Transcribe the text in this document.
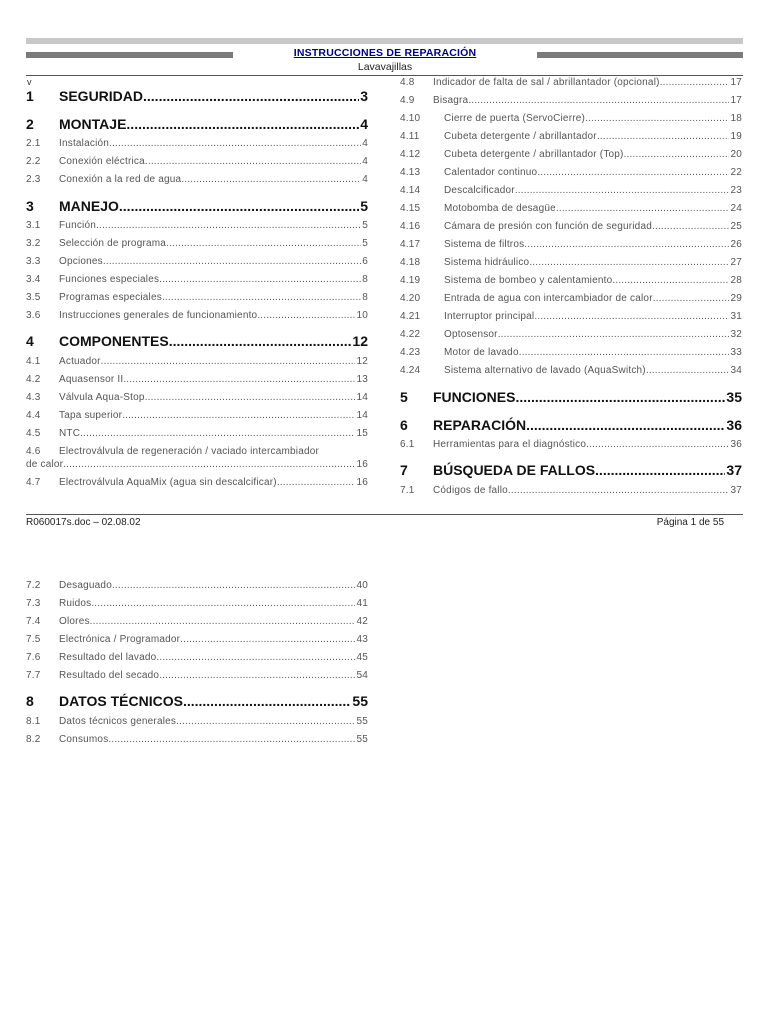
INSTRUCCIONES DE REPARACIÓN
Lavavajillas
v
1	SEGURIDAD .....	3
2	MONTAJE .....	4
2.1	Instalación .....	4
2.2	Conexión eléctrica .....	4
2.3	Conexión a la red de agua .....	4
3	MANEJO .....	5
3.1	Función .....	5
3.2	Selección de programa .....	5
3.3	Opciones .....	6
3.4	Funciones especiales .....	8
3.5	Programas especiales .....	8
3.6	Instrucciones generales de funcionamiento .....	10
4	COMPONENTES .....	12
4.1	Actuador .....	12
4.2	Aquasensor II .....	13
4.3	Válvula Aqua-Stop .....	14
4.4	Tapa superior .....	14
4.5	NTC .....	15
4.6 Electroválvula de regeneración / vaciado intercambiador
de calor .....	16
4.7	Electroválvula AquaMix (agua sin descalcificar) .....	16
4.8	Indicador de falta de sal / abrillantador (opcional) .....	17
4.9	Bisagra .....	17
4.10	Cierre de puerta (ServoCierre) .....	18
4.11	Cubeta detergente / abrillantador .....	19
4.12	Cubeta detergente / abrillantador (Top) .....	20
4.13	Calentador continuo .....	22
4.14	Descalcificador .....	23
4.15	Motobomba de desagüe .....	24
4.16	Cámara de presión con función de seguridad .....	25
4.17	Sistema de filtros .....	26
4.18	Sistema hidráulico .....	27
4.19	Sistema de bombeo y calentamiento .....	28
4.20	Entrada de agua con intercambiador de calor .....	29
4.21	Interruptor principal .....	31
4.22	Optosensor .....	32
4.23	Motor de lavado .....	33
4.24	Sistema alternativo de lavado (AquaSwitch) .....	34
5	FUNCIONES .....	35
6	REPARACIÓN .....	36
6.1	Herramientas para el diagnóstico .....	36
7	BÚSQUEDA DE FALLOS .....	37
7.1	Códigos de fallo .....	37
7.2	Desaguado .....	40
7.3	Ruidos .....	41
7.4	Olores .....	42
7.5	Electrónica / Programador .....	43
7.6	Resultado del lavado .....	45
7.7	Resultado del secado .....	54
8	DATOS TÉCNICOS .....	55
8.1	Datos técnicos generales .....	55
8.2	Consumos .....	55
R060017s.doc – 02.08.02	Página 1 de 55
